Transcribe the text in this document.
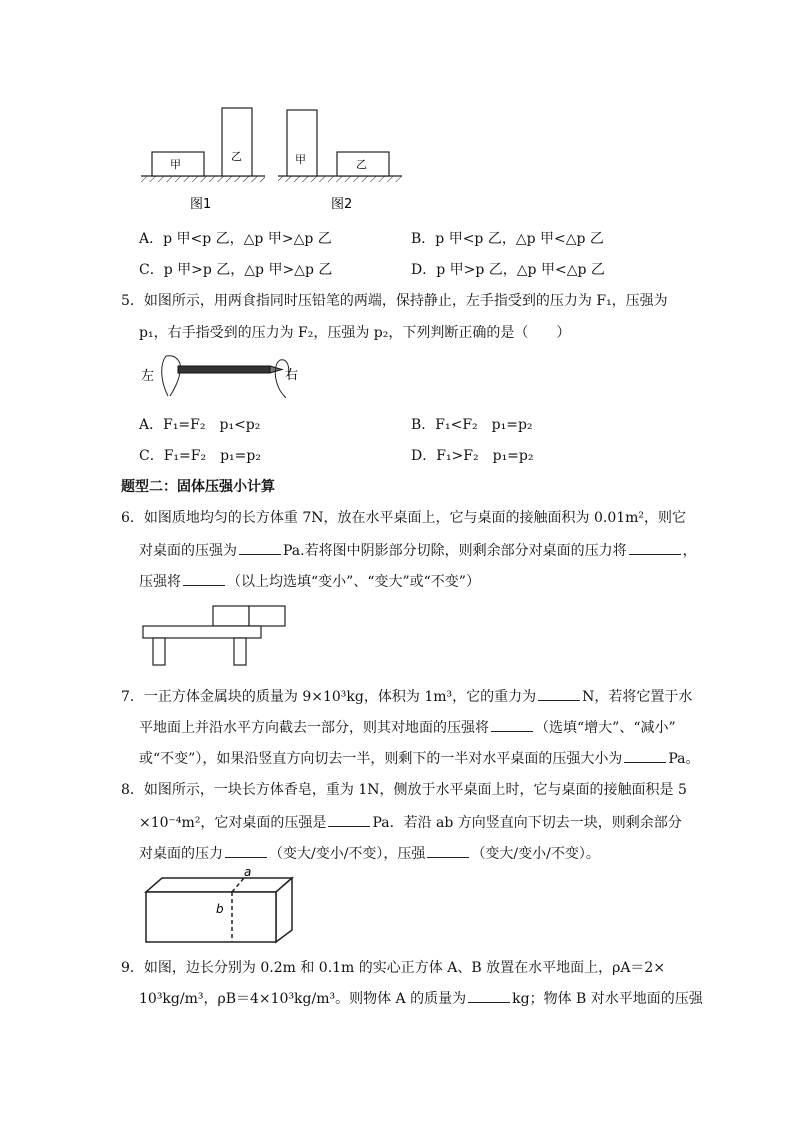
甲
乙
图1
甲	乙
图2
A．p 甲<p 乙，△p 甲>△p 乙	B．p 甲<p 乙，△p 甲<△p 乙
C．p 甲>p 乙，△p 甲>△p 乙	D．p 甲>p 乙，△p 甲<△p 乙
5．如图所示，用两食指同时压铅笔的两端，保持静止，左手指受到的压力为 F₁，压强为
p₁，右手指受到的压力为 F₂，压强为 p₂，下列判断正确的是（　　）
左	右
A．F₁=F₂　p₁<p₂	B．F₁<F₂　p₁=p₂
C．F₁=F₂　p₁=p₂	D．F₁>F₂　p₁=p₂
题型二：固体压强小计算
6．如图质地均匀的长方体重 7N，放在水平桌面上，它与桌面的接触面积为 0.01m²，则它
对桌面的压强为	Pa.若将图中阴影部分切除，则剩余部分对桌面的压力将	，
压强将	（以上均选填“变小”、“变大”或“不变”）
7．一正方体金属块的质量为 9×10³kg，体积为 1m³，它的重力为	N，若将它置于水
平地面上并沿水平方向截去一部分，则其对地面的压强将	（选填“增大”、“减小”
或“不变”），如果沿竖直方向切去一半，则剩下的一半对水平桌面的压强大小为	Pa。
8．如图所示，一块长方体香皂，重为 1N，侧放于水平桌面上时，它与桌面的接触面积是 5
×10⁻⁴m²，它对桌面的压强是	Pa．若沿 ab 方向竖直向下切去一块，则剩余部分
对桌面的压力	（变大/变小/不变），压强	（变大/变小/不变）。
a
b
9．如图，边长分别为 0.2m 和 0.1m 的实心正方体 A、B 放置在水平地面上，ρA＝2×
10³kg/m³，ρB＝4×10³kg/m³。则物体 A 的质量为	kg；物体 B 对水平地面的压强
